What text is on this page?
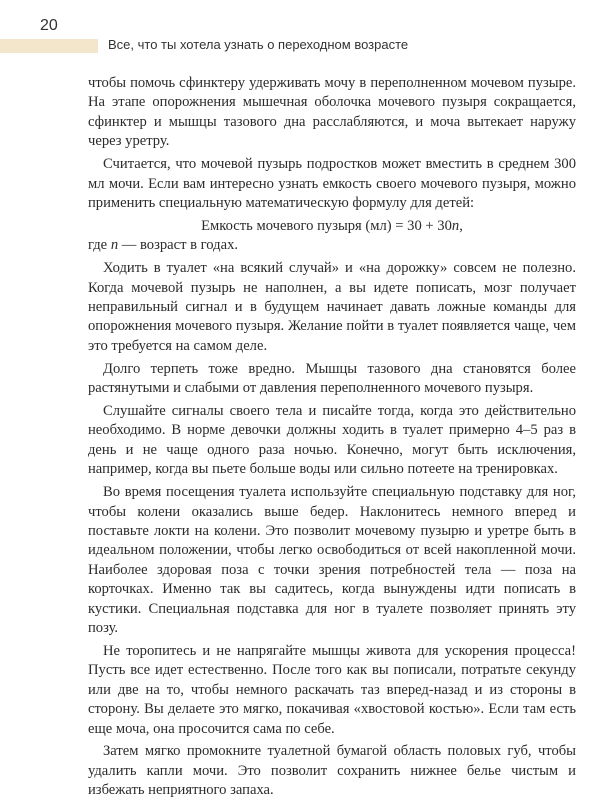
20
Все, что ты хотела узнать о переходном возрасте

чтобы помочь сфинктеру удерживать мочу в переполненном мочевом пузыре. На этапе опорожнения мышечная оболочка мочевого пузыря сокращается, сфинктер и мышцы тазового дна расслабляются, и моча вытекает наружу через уретру.

Считается, что мочевой пузырь подростков может вместить в среднем 300 мл мочи. Если вам интересно узнать емкость своего мочевого пузыря, можно применить специальную математическую формулу для детей:

Емкость мочевого пузыря (мл) = 30 + 30n,

где n — возраст в годах.

Ходить в туалет «на всякий случай» и «на дорожку» совсем не полезно. Когда мочевой пузырь не наполнен, а вы идете пописать, мозг получает неправильный сигнал и в будущем начинает давать ложные команды для опорожнения мочевого пузыря. Желание пойти в туалет появляется чаще, чем это требуется на самом деле.

Долго терпеть тоже вредно. Мышцы тазового дна становятся более растянутыми и слабыми от давления переполненного мочевого пузыря.

Слушайте сигналы своего тела и писайте тогда, когда это действительно необходимо. В норме девочки должны ходить в туалет примерно 4–5 раз в день и не чаще одного раза ночью. Конечно, могут быть исключения, например, когда вы пьете больше воды или сильно потеете на тренировках.

Во время посещения туалета используйте специальную подставку для ног, чтобы колени оказались выше бедер. Наклонитесь немного вперед и поставьте локти на колени. Это позволит мочевому пузырю и уретре быть в идеальном положении, чтобы легко освободиться от всей накопленной мочи. Наиболее здоровая поза с точки зрения потребностей тела — поза на корточках. Именно так вы садитесь, когда вынуждены идти пописать в кустики. Специальная подставка для ног в туалете позволяет принять эту позу.

Не торопитесь и не напрягайте мышцы живота для ускорения процесса! Пусть все идет естественно. После того как вы пописали, потратьте секунду или две на то, чтобы немного раскачать таз вперед-назад и из стороны в сторону. Вы делаете это мягко, покачивая «хвостовой костью». Если там есть еще моча, она просочится сама по себе.

Затем мягко промокните туалетной бумагой область половых губ, чтобы удалить капли мочи. Это позволит сохранить нижнее белье чистым и избежать неприятного запаха.
